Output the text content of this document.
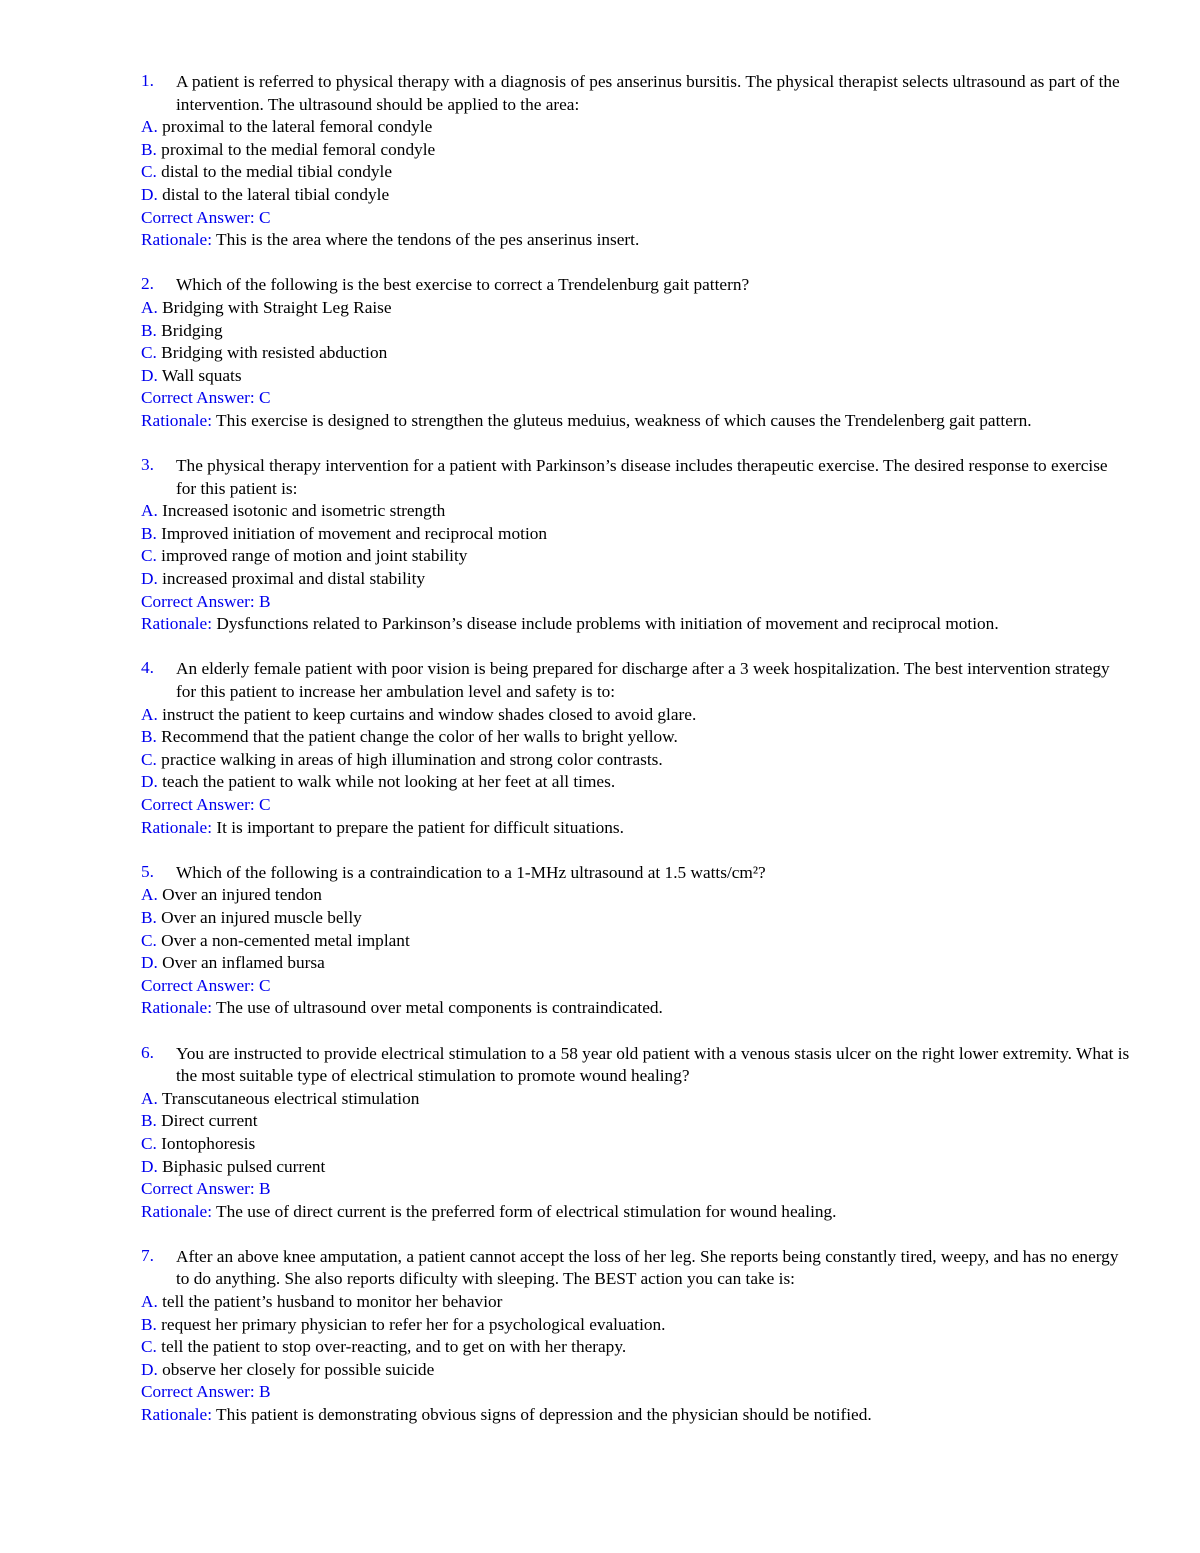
1. A patient is referred to physical therapy with a diagnosis of pes anserinus bursitis. The physical therapist selects ultrasound as part of the intervention. The ultrasound should be applied to the area:
A. proximal to the lateral femoral condyle
B. proximal to the medial femoral condyle
C. distal to the medial tibial condyle
D. distal to the lateral tibial condyle
Correct Answer: C
Rationale: This is the area where the tendons of the pes anserinus insert.
2. Which of the following is the best exercise to correct a Trendelenburg gait pattern?
A. Bridging with Straight Leg Raise
B. Bridging
C. Bridging with resisted abduction
D. Wall squats
Correct Answer: C
Rationale: This exercise is designed to strengthen the gluteus meduius, weakness of which causes the Trendelenberg gait pattern.
3. The physical therapy intervention for a patient with Parkinson’s disease includes therapeutic exercise. The desired response to exercise for this patient is:
A. Increased isotonic and isometric strength
B. Improved initiation of movement and reciprocal motion
C. improved range of motion and joint stability
D. increased proximal and distal stability
Correct Answer: B
Rationale: Dysfunctions related to Parkinson’s disease include problems with initiation of movement and reciprocal motion.
4. An elderly female patient with poor vision is being prepared for discharge after a 3 week hospitalization. The best intervention strategy for this patient to increase her ambulation level and safety is to:
A. instruct the patient to keep curtains and window shades closed to avoid glare.
B. Recommend that the patient change the color of her walls to bright yellow.
C. practice walking in areas of high illumination and strong color contrasts.
D. teach the patient to walk while not looking at her feet at all times.
Correct Answer: C
Rationale: It is important to prepare the patient for difficult situations.
5. Which of the following is a contraindication to a 1-MHz ultrasound at 1.5 watts/cm²?
A. Over an injured tendon
B. Over an injured muscle belly
C. Over a non-cemented metal implant
D. Over an inflamed bursa
Correct Answer: C
Rationale: The use of ultrasound over metal components is contraindicated.
6. You are instructed to provide electrical stimulation to a 58 year old patient with a venous stasis ulcer on the right lower extremity. What is the most suitable type of electrical stimulation to promote wound healing?
A. Transcutaneous electrical stimulation
B. Direct current
C. Iontophoresis
D. Biphasic pulsed current
Correct Answer: B
Rationale: The use of direct current is the preferred form of electrical stimulation for wound healing.
7. After an above knee amputation, a patient cannot accept the loss of her leg. She reports being constantly tired, weepy, and has no energy to do anything. She also reports dificulty with sleeping. The BEST action you can take is:
A. tell the patient’s husband to monitor her behavior
B. request her primary physician to refer her for a psychological evaluation.
C. tell the patient to stop over-reacting, and to get on with her therapy.
D. observe her closely for possible suicide
Correct Answer: B
Rationale: This patient is demonstrating obvious signs of depression and the physician should be notified.
